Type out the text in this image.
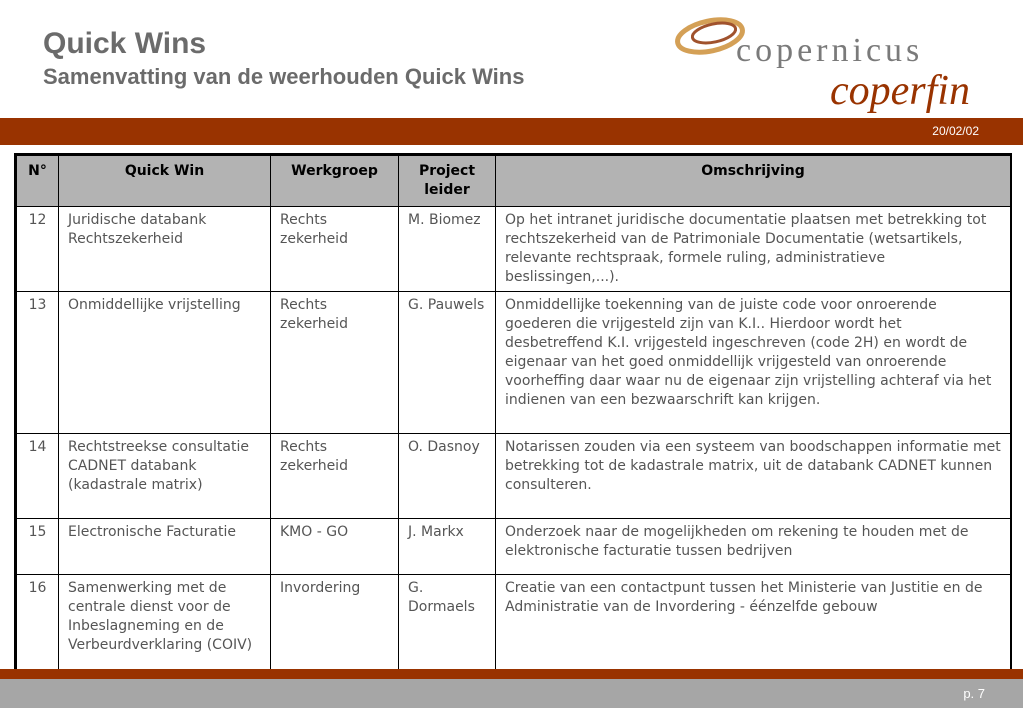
Quick Wins
Samenvatting van de weerhouden Quick Wins
copernicus
coperfin
20/02/02
N°	Quick Win	Werkgroep	Project leider	Omschrijving
12	Juridische databank Rechtszekerheid	Rechts zekerheid	M. Biomez	Op het intranet juridische documentatie plaatsen met betrekking tot rechtszekerheid van de Patrimoniale Documentatie (wetsartikels, relevante rechtspraak, formele ruling, administratieve beslissingen,...).
13	Onmiddellijke vrijstelling	Rechts zekerheid	G. Pauwels	Onmiddellijke toekenning van de juiste code voor onroerende goederen die vrijgesteld zijn van K.I.. Hierdoor wordt het desbetreffend K.I. vrijgesteld ingeschreven (code 2H) en wordt de eigenaar van het goed onmiddellijk vrijgesteld van onroerende voorheffing daar waar nu de eigenaar zijn vrijstelling achteraf via het indienen van een bezwaarschrift kan krijgen.
14	Rechtstreekse consultatie CADNET databank (kadastrale matrix)	Rechts zekerheid	O. Dasnoy	Notarissen zouden via een systeem van boodschappen informatie met betrekking tot de kadastrale matrix, uit de databank CADNET kunnen consulteren.
15	Electronische Facturatie	KMO - GO	J. Markx	Onderzoek naar de mogelijkheden om rekening te houden met de elektronische facturatie tussen bedrijven
16	Samenwerking met de centrale dienst voor de Inbeslagneming en de Verbeurdverklaring (COIV)	Invordering	G. Dormaels	Creatie van een contactpunt tussen het Ministerie van Justitie en de Administratie van de Invordering - éénzelfde gebouw
p. 7
